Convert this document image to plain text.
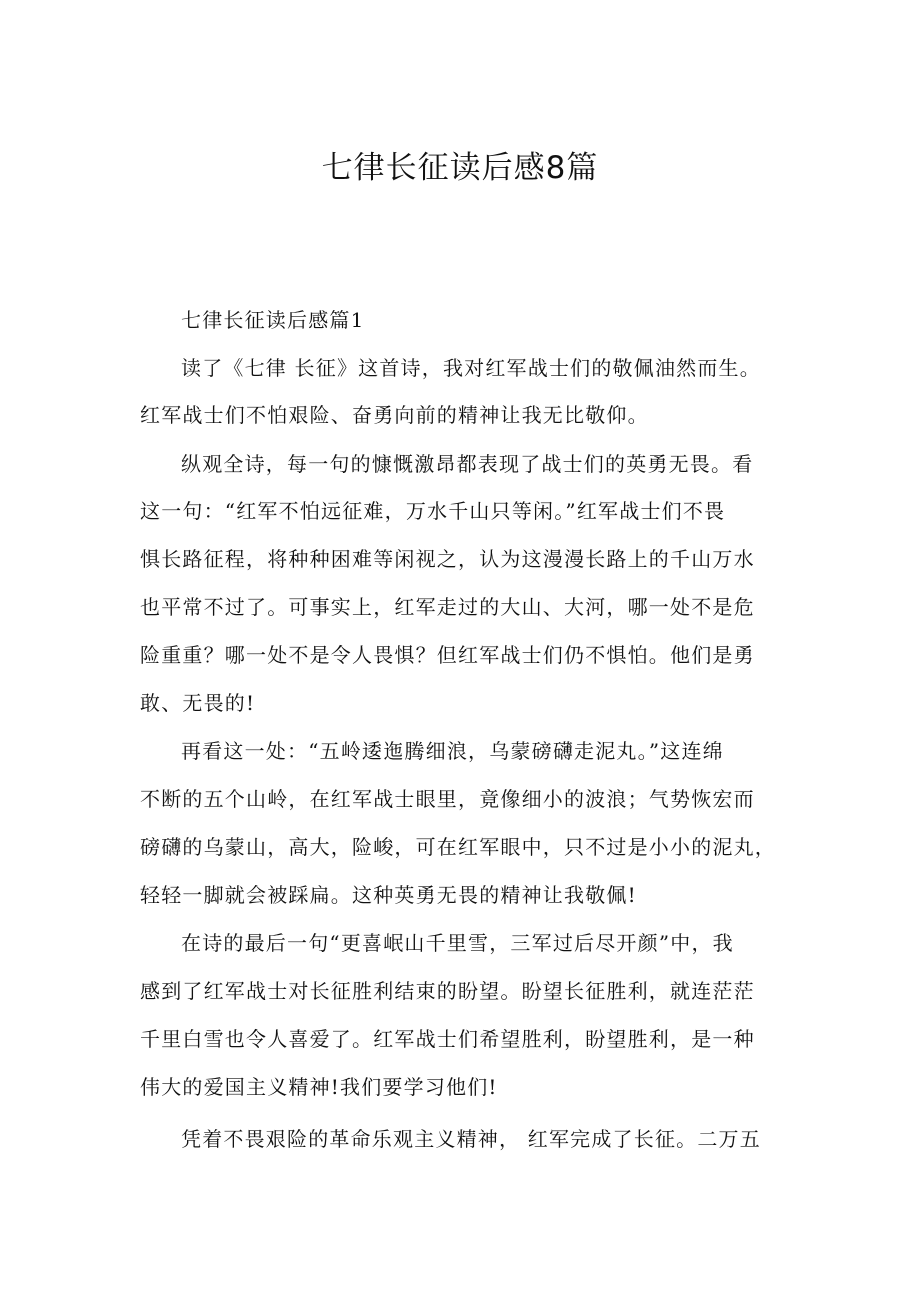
七律长征读后感8篇

七律长征读后感篇1

读了《七律 长征》这首诗，我对红军战士们的敬佩油然而生。

红军战士们不怕艰险、奋勇向前的精神让我无比敬仰。

纵观全诗，每一句的慷慨激昂都表现了战士们的英勇无畏。看

这一句：“红军不怕远征难，万水千山只等闲。”红军战士们不畏

惧长路征程，将种种困难等闲视之，认为这漫漫长路上的千山万水

也平常不过了。可事实上，红军走过的大山、大河，哪一处不是危

险重重？哪一处不是令人畏惧？但红军战士们仍不惧怕。他们是勇

敢、无畏的!

再看这一处：“五岭逶迤腾细浪，乌蒙磅礴走泥丸。”这连绵

不断的五个山岭，在红军战士眼里，竟像细小的波浪；气势恢宏而

磅礴的乌蒙山，高大，险峻，可在红军眼中，只不过是小小的泥丸，

轻轻一脚就会被踩扁。这种英勇无畏的精神让我敬佩!

在诗的最后一句“更喜岷山千里雪，三军过后尽开颜”中，我

感到了红军战士对长征胜利结束的盼望。盼望长征胜利，就连茫茫

千里白雪也令人喜爱了。红军战士们希望胜利，盼望胜利，是一种

伟大的爱国主义精神!我们要学习他们!

凭着不畏艰险的革命乐观主义精神， 红军完成了长征。二万五
